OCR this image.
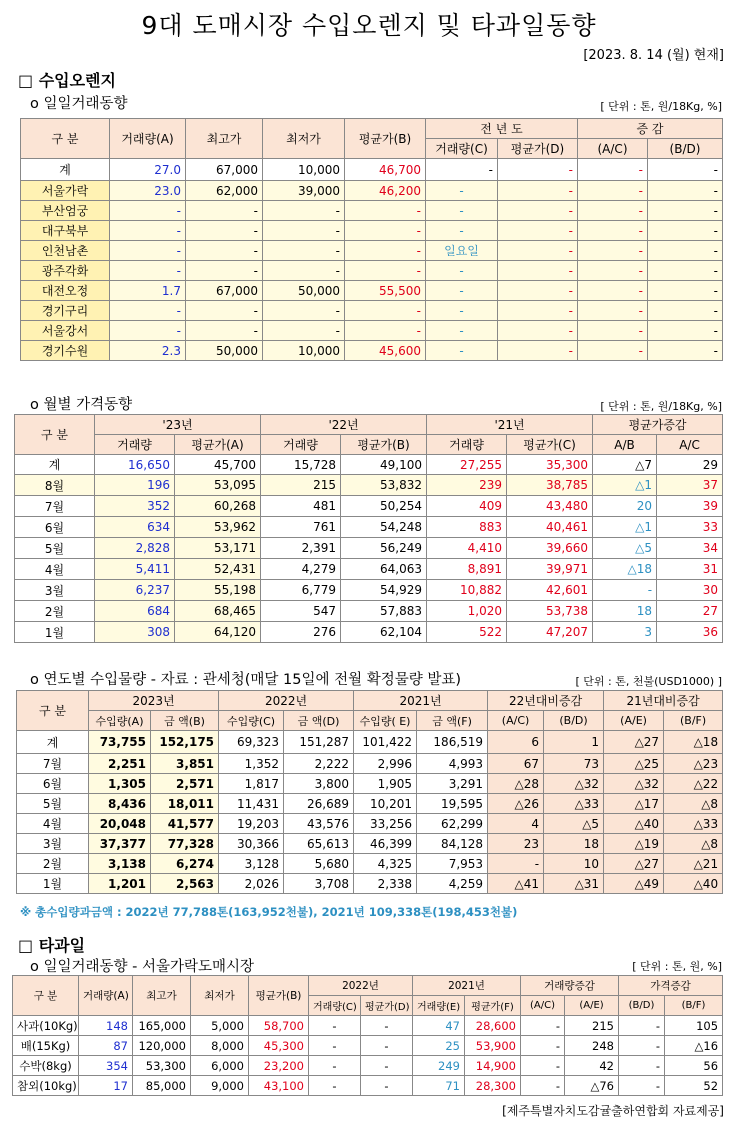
9대 도매시장 수입오렌지 및 타과일동향
[2023. 8. 14 (월) 현재]
□ 수입오렌지
ο 일일거래동향	[ 단위 : 톤, 원/18Kg, %]
구 분	거래량(A)	최고가	최저가	평균가(B)	전 년 도		증 감	
					거래량(C)	평균가(D)	(A/C)	(B/D)
계	27.0	67,000	10,000	46,700	-	-	-	-
서울가락	23.0	62,000	39,000	46,200	-	-	-	-
부산엄궁	-	-	-	-	-	-	-	-
대구북부	-	-	-	-	-	-	-	-
인천남촌	-	-	-	-	일요일	-	-	-
광주각화	-	-	-	-	-	-	-	-
대전오정	1.7	67,000	50,000	55,500	-	-	-	-
경기구리	-	-	-	-	-	-	-	-
서울강서	-	-	-	-	-	-	-	-
경기수원	2.3	50,000	10,000	45,600	-	-	-	-
ο 월별 가격동향	[ 단위 : 톤, 원/18Kg, %]
구 분	'23년		'22년		'21년		평균가증감	
	거래량	평균가(A)	거래량	평균가(B)	거래량	평균가(C)	A/B	A/C
계	16,650	45,700	15,728	49,100	27,255	35,300	△7	29
8월	196	53,095	215	53,832	239	38,785	△1	37
7월	352	60,268	481	50,254	409	43,480	20	39
6월	634	53,962	761	54,248	883	40,461	△1	33
5월	2,828	53,171	2,391	56,249	4,410	39,660	△5	34
4월	5,411	52,431	4,279	64,063	8,891	39,971	△18	31
3월	6,237	55,198	6,779	54,929	10,882	42,601	-	30
2월	684	68,465	547	57,883	1,020	53,738	18	27
1월	308	64,120	276	62,104	522	47,207	3	36
ο 연도별 수입물량 - 자료 : 관세청(매달 15일에 전월 확정물량 발표)	[ 단위 : 톤, 천불(USD1000) ]
구 분	2023년		2022년		2021년		22년대비증감		21년대비증감	
	수입량(A)	금 액(B)	수입량(C)	금 액(D)	수입량( E)	금 액(F)	(A/C)	(B/D)	(A/E)	(B/F)
계	73,755	152,175	69,323	151,287	101,422	186,519	6	1	△27	△18
7월	2,251	3,851	1,352	2,222	2,996	4,993	67	73	△25	△23
6월	1,305	2,571	1,817	3,800	1,905	3,291	△28	△32	△32	△22
5월	8,436	18,011	11,431	26,689	10,201	19,595	△26	△33	△17	△8
4월	20,048	41,577	19,203	43,576	33,256	62,299	4	△5	△40	△33
3월	37,377	77,328	30,366	65,613	46,399	84,128	23	18	△19	△8
2월	3,138	6,274	3,128	5,680	4,325	7,953	-	10	△27	△21
1월	1,201	2,563	2,026	3,708	2,338	4,259	△41	△31	△49	△40
※ 총수입량과금액 : 2022년 77,788톤(163,952천불), 2021년 109,338톤(198,453천불)
□ 타과일
ο 일일거래동향 - 서울가락도매시장	[ 단위 : 톤, 원, %]
구 분	거래량(A)	최고가	최저가	평균가(B)	2022년		2021년		거래량증감		가격증감	
					거래량(C)	평균가(D)	거래량(E)	평균가(F)	(A/C)	(A/E)	(B/D)	(B/F)
사과(10Kg)	148	165,000	5,000	58,700	-	-	47	28,600	-	215	-	105
배(15Kg)	87	120,000	8,000	45,300	-	-	25	53,900	-	248	-	△16
수박(8kg)	354	53,300	6,000	23,200	-	-	249	14,900	-	42	-	56
참외(10kg)	17	85,000	9,000	43,100	-	-	71	28,300	-	△76	-	52
[제주특별자치도감귤출하연합회 자료제공]
